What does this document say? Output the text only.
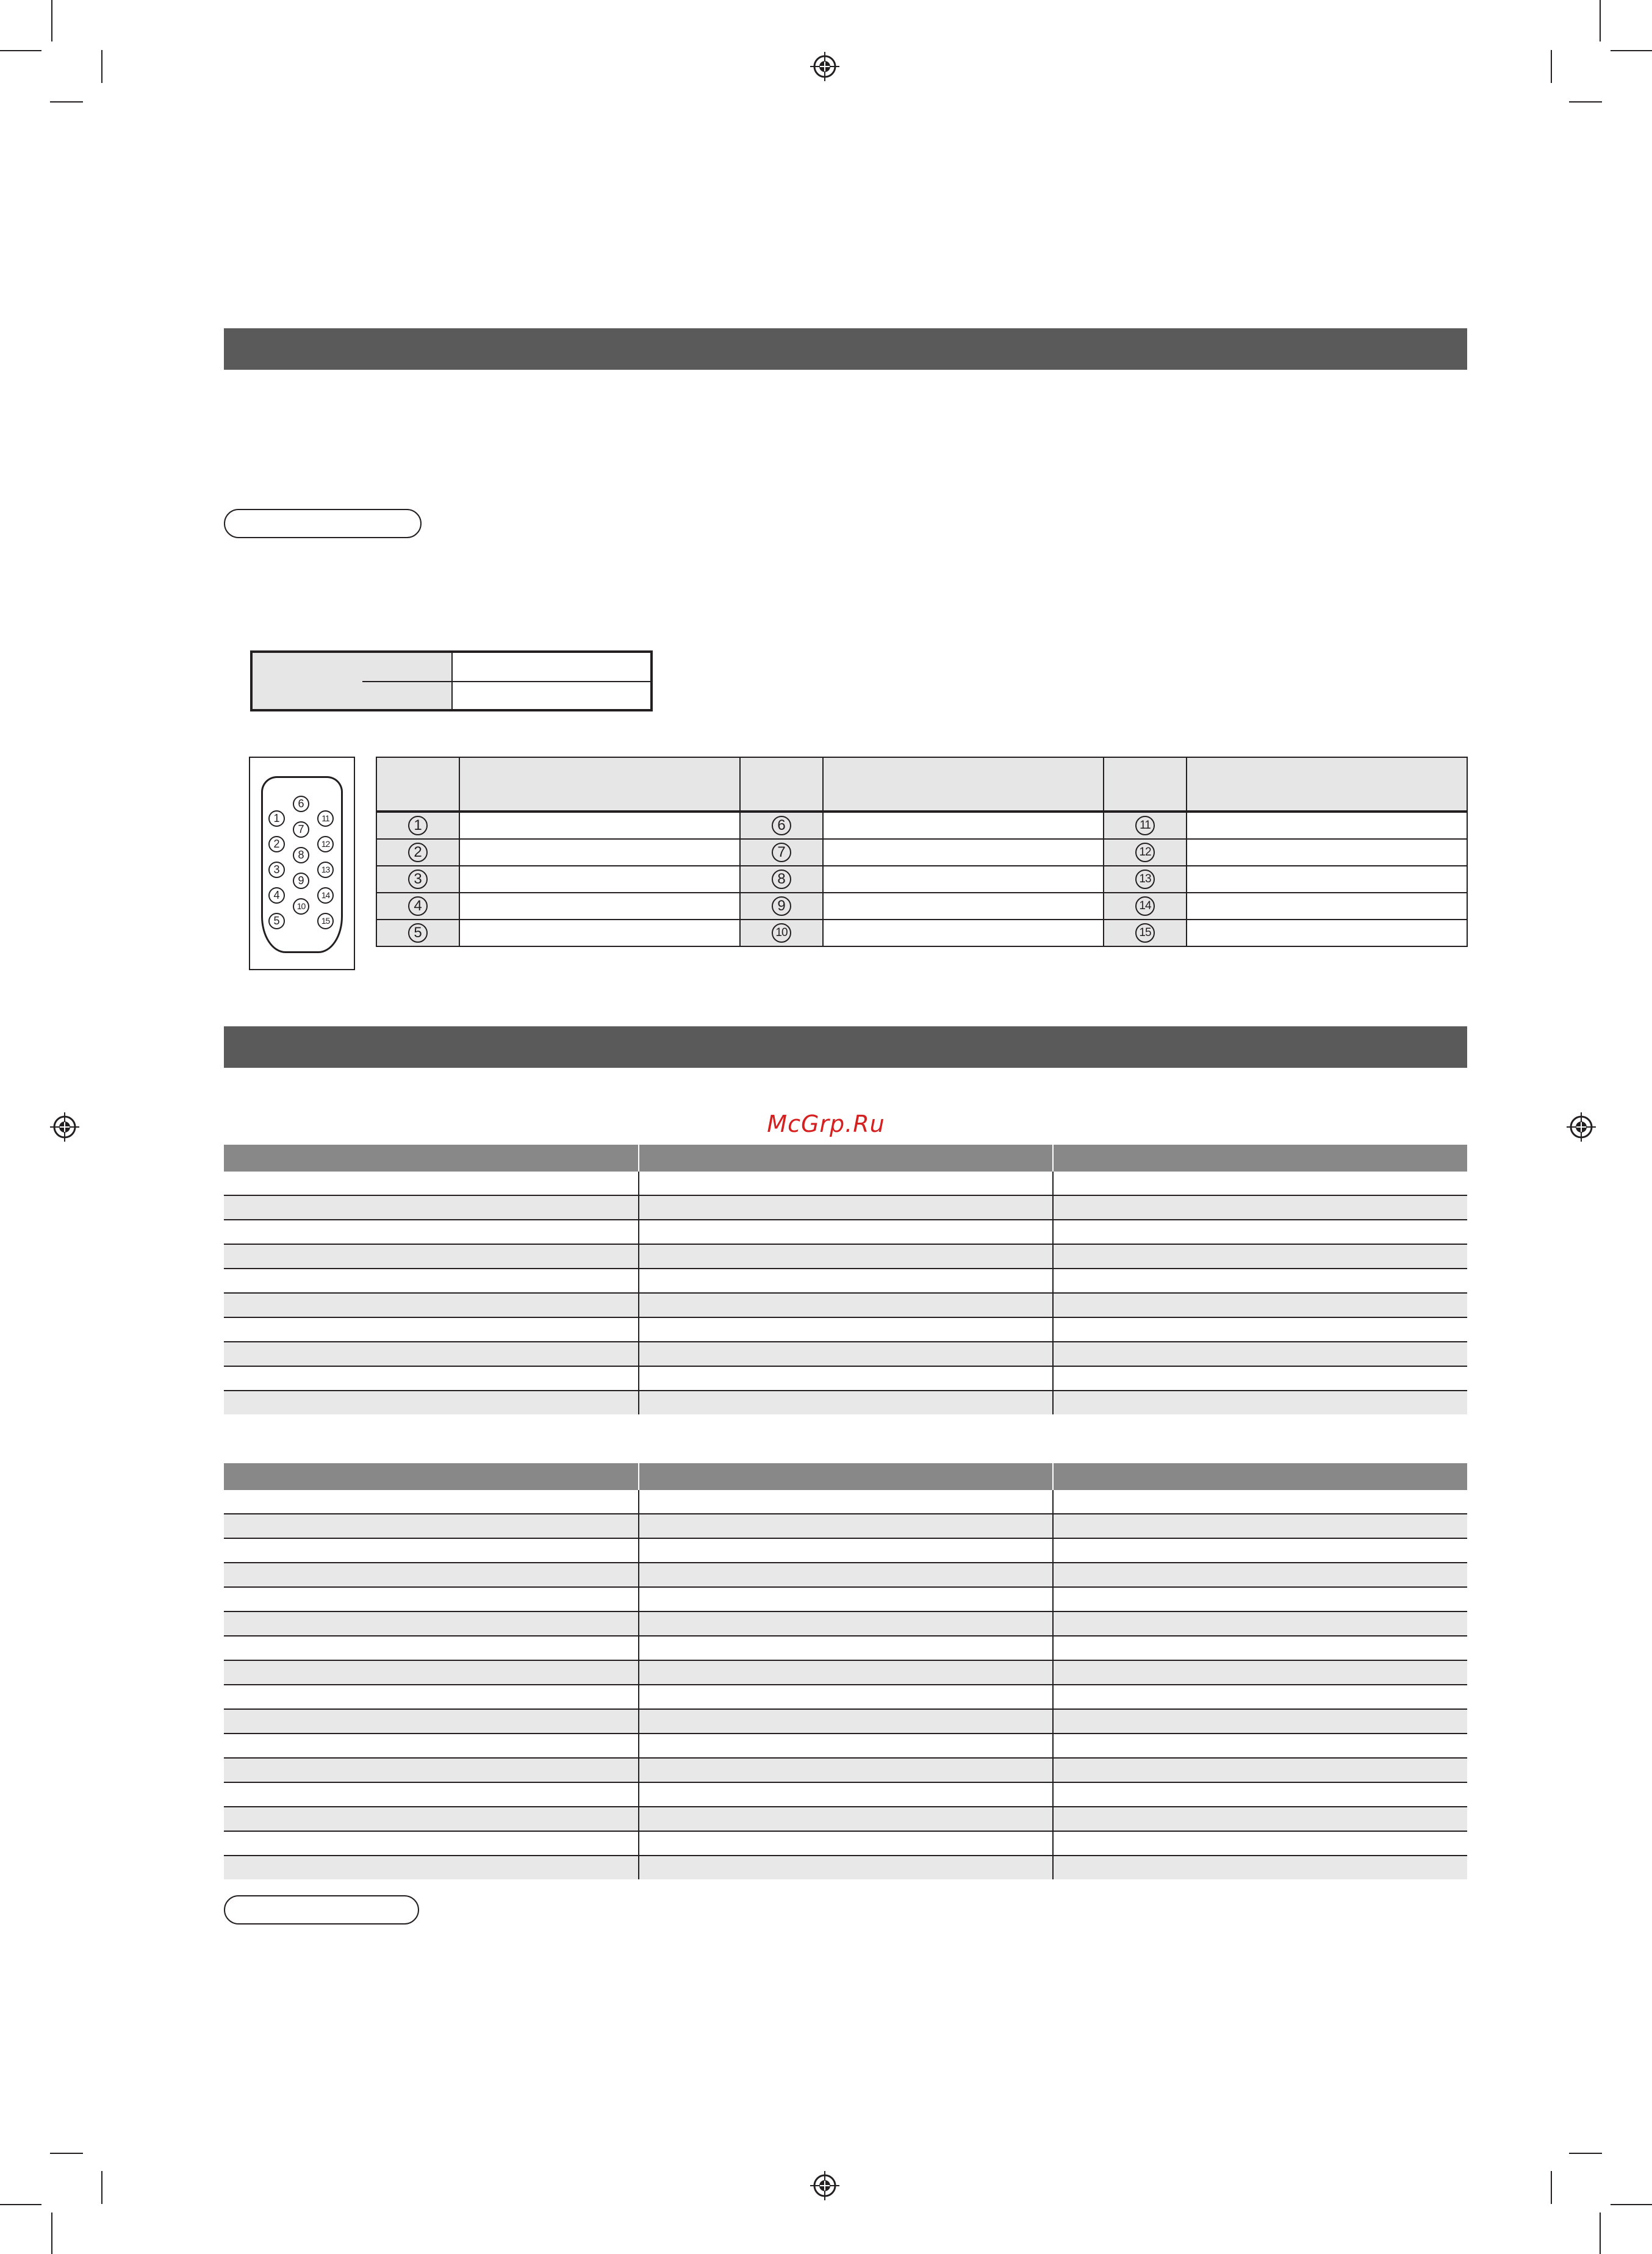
1
2
3
4
5
6
7
8
9
10
11
12
13
14
15

1		6		11	
2		7		12	
3		8		13	
4		9		14	
5		10		15	
McGrp.Ru
